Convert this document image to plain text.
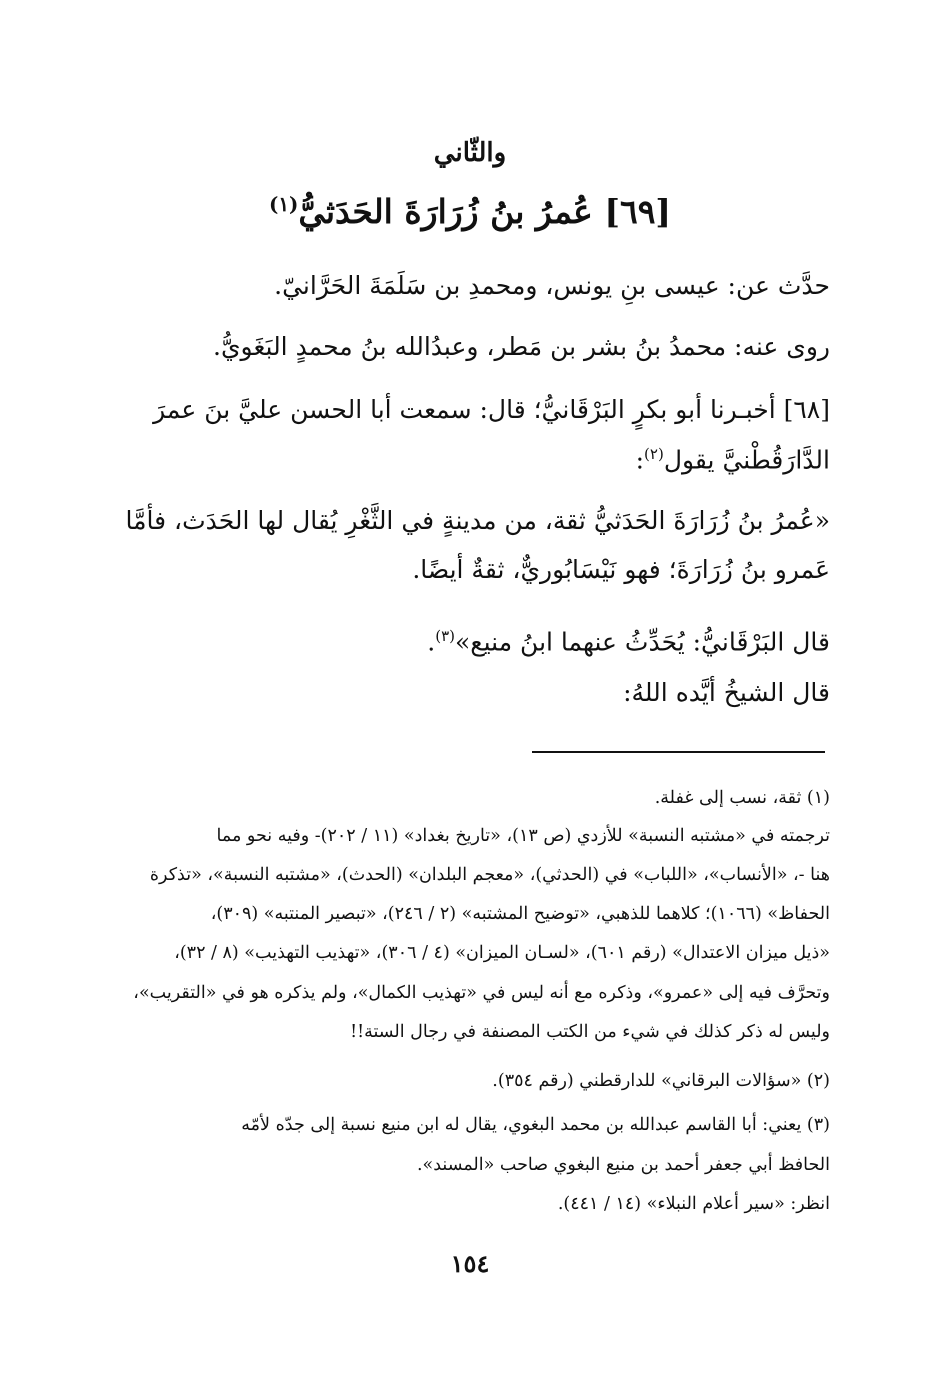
والثّاني
[٦٩] عُمرُ بنُ زُرَارَةَ الحَدَثيُّ$^{(١)}$
حدَّث عن: عيسى بنِ يونس، ومحمدِ بن سَلَمَةَ الحَرَّانيّ.
روى عنه: محمدُ بنُ بشر بن مَطر، وعبدُالله بنُ محمدٍ البَغَويُّ.
[٦٨] أخبـرنا أبو بكرٍ البَرْقَانيُّ؛ قال: سمعت أبا الحسن عليَّ بنَ عمرَ
الدَّارَقُطْنيَّ يقول$^{(٢)}$:
«عُمرُ بنُ زُرَارَةَ الحَدَثيُّ ثقة، من مدينةٍ في الثَّغْرِ يُقال لها الحَدَث، فأمَّا
عَمرو بنُ زُرَارَةَ؛ فهو نَيْسَابُوريٌّ، ثقةٌ أيضًا.
قال البَرْقَانيُّ: يُحَدِّثُ عنهما ابنُ منيع»$^{(٣)}$.
قال الشيخُ أيَّده اللهُ:
(١) ثقة، نسب إلى غفلة.
ترجمته في «مشتبه النسبة» للأزدي (ص ١٣)، «تاريخ بغداد» (١١ / ٢٠٢)- وفيه نحو مما
هنا -، «الأنساب»، «اللباب» في (الحدثي)، «معجم البلدان» (الحدث)، «مشتبه النسبة»، «تذكرة
الحفاظ» (١٠٦٦)؛ كلاهما للذهبي، «توضيح المشتبه» (٢ / ٢٤٦)، «تبصير المنتبه» (٣٠٩)،
«ذيل ميزان الاعتدال» (رقم ٦٠١)، «لسـان الميزان» (٤ / ٣٠٦)، «تهذيب التهذيب» (٨ / ٣٢)،
وتحرَّف فيه إلى «عمرو»، وذكره مع أنه ليس في «تهذيب الكمال»، ولم يذكره هو في «التقريب»،
وليس له ذكر كذلك في شيء من الكتب المصنفة في رجال الستة!!
(٢) «سؤالات البرقاني» للدارقطني (رقم ٣٥٤).
(٣) يعني: أبا القاسم عبدالله بن محمد البغوي، يقال له ابن منيع نسبة إلى جدّه لأمّه
الحافظ أبي جعفر أحمد بن منيع البغوي صاحب «المسند».
انظر: «سير أعلام النبلاء» (١٤ / ٤٤١).
١٥٤
